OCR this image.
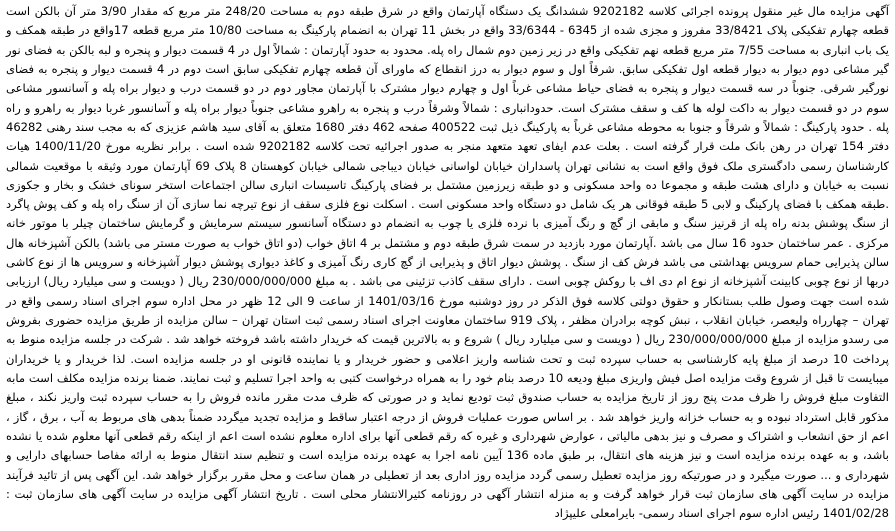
آگهی مزایده مال غیر منقول پرونده اجرائی کلاسه 9202182 ششدانگ یک دستگاه آپارتمان واقع در شرق طبقه دوم به مساحت 248/20 متر مربع که مقدار 3/90 متر آن بالکن است قطعه چهارم تفکیکی پلاک 33/8421 مفروز و مجزی شده از 6345 - 33/6344 واقع در بخش 11 تهران به انضمام پارکینگ به مساحت 10/80 متر مربع قطعه 17واقع در طبقه همکف و یک باب انباری به مساحت 7/55 متر مربع قطعه نهم تفکیکی واقع در زیر زمین دوم شمال راه پله. محدود به حدود آپارتمان : شمالاً اول در 4 قسمت دیوار و پنجره و لبه بالکن به فضای نور گیر مشاعی دوم دیوار به دیوار قطعه اول تفکیکی سابق. شرقاً اول و سوم دیوار به درز انقطاع که ماورای آن قطعه چهارم تفکیکی سابق است دوم در 4 قسمت دیوار و پنجره به فضای نورگیر شرقی. جنوباً در سه قسمت دیوار و پنجره به فضای حیاط مشاعی غرباً اول و چهارم دیوار مشترک با آپارتمان مجاور دوم در دو قسمت درب و دیوار براه پله و آسانسور مشاعی سوم در دو قسمت دیوار به داکت لوله ها کف و سقف مشترک است. حدودانباری : شمالاً وشرقاً درب و پنجره به راهرو مشاعی جنوباً دیوار براه پله و آسانسور غربا دیوار به راهرو و راه پله . حدود پارکینگ : شمالاً و شرقاً و جنوبا به محوطه مشاعی غرباً به پارکینگ ذیل ثبت 400522 صفحه 462 دفتر 1680 متعلق به آقای سید هاشم عزیزی که به مجب سند رهنی 46282 دفتر 154 تهران در رهن بانک ملت قرار گرفته است . بعلت عدم ایفای تعهد متعهد منجر به صدور اجرائیه تحت کلاسه 9202182 شده است . برابر نظریه مورخ 1400/11/20 هیات کارشناسان رسمی دادگستری ملک فوق واقع است به نشانی تهران پاسداران خیابان لواسانی خیابان دیباجی شمالی خیابان کوهستان 8 پلاک 69 آپارتمان مورد وثیقه با موقعیت شمالی نسبت به خیابان و دارای هشت طبقه و مجموعا ده واحد مسکونی و دو طبقه زیرزمین مشتمل بر فضای پارکینگ تاسیسات انباری سالن اجتماعات استخر سونای خشک و بخار و جکوزی .طبقه همکف با فضای پارکینگ و لابی 5 طبقه فوقانی هر یک شامل دو دستگاه واحد مسکونی است . اسکلت نوع فلزی سقف از نوع تیرچه نما سازی آن از سنگ راه پله و کف پوش پاگرد از سنگ پوشش بدنه راه پله از قرنیز سنگ و مابقی از گچ و رنگ آمیزی با نرده فلزی یا چوب به انضمام دو دستگاه آسانسور سیستم سرمایش و گرمایش ساختمان چیلر با موتور خانه مرکزی . عمر ساختمان حدود 16 سال می باشد .آپارتمان مورد بازدید در سمت شرق طبقه دوم و مشتمل بر 4 اتاق خواب (دو اتاق خواب به صورت مستر می باشد) بالکن آشپزخانه هال سالن پذیرایی حمام سرویس بهداشتی می باشد فرش کف از سنگ . پوشش دیوار اتاق و پذیرایی از گچ کاری رنگ آمیزی و کاغذ دیواری پوشش دیوار آشپزخانه و سرویس ها از نوع کاشی دربها از نوع چوبی کابینت آشپزخانه از نوع ام دی اف با روکش چوبی است . دارای سقف کاذب تزئینی می باشد . به مبلغ 230/000/000/000 ریال ( دویست و سی میلیارد ریال) ارزیابی شده است جهت وصول طلب بستانکار و حقوق دولتی کلاسه فوق الذکر در روز دوشنبه مورخ 1401/03/16 از ساعت 9 الی 12 ظهر در محل اداره سوم اجرای اسناد رسمی واقع در تهران – چهارراه ولیعصر، خیابان انقلاب ، نبش کوچه برادران مظفر ، پلاک 919 ساختمان معاونت اجرای اسناد رسمی ثبت استان تهران – سالن مزایده از طریق مزایده حضوری بفروش می رسدو مزایده از مبلغ 230/000/000/000 ریال ( دویست و سی میلیارد ریال ) شروع و به بالاترین قیمت که خریدار داشته باشد فروخته خواهد شد . شرکت در جلسه مزایده منوط به پرداخت 10 درصد از مبلغ پایه کارشناسی به حساب سپرده ثبت و تحت شناسه واریز اعلامی و حضور خریدار و یا نماینده قانونی او در جلسه مزایده است. لذا خریدار و یا خریداران میبایست تا قبل از شروع وقت مزایده اصل فیش واریزی مبلغ ودیعه 10 درصد بنام خود را به همراه درخواست کتبی به واحد اجرا تسلیم و ثبت نمایند. ضمنا برنده مزایده مکلف است مابه التفاوت مبلغ فروش را ظرف مدت پنج روز از تاریخ مزایده به حساب صندوق ثبت تودیع نماید و در صورتی که ظرف مدت مقرر مانده فروش را به حساب سپرده ثبت واریز نکند ، مبلغ مذکور قابل استرداد نبوده و به حساب خزانه واریز خواهد شد . بر اساس صورت عملیات فروش از درجه اعتبار ساقط و مزایده تجدید میگردد ضمناً بدهی های مربوط به آب ، برق ، گاز ، اعم از حق انشعاب و اشتراک و مصرف و نیز بدهی مالیاتی ، عوارض شهرداری و غیره که رقم قطعی آنها برای اداره معلوم نشده است اعم از اینکه رقم قطعی آنها معلوم شده یا نشده باشد، و به عهده برنده مزایده است و نیز هزینه های انتقال، بر طبق ماده 136 آیین نامه اجرا به عهده برنده مزایده است و تنظیم سند انتقال منوط به ارائه مفاصا حسابهای دارایی و شهرداری و ... صورت میگیرد و در صورتیکه روز مزایده تعطیل رسمی گردد مزایده روز اداری بعد از تعطیلی در همان ساعت و محل مقرر برگزار خواهد شد. این آگهی پس از تائید فرآیند مزایده در سایت آگهی های سازمان ثبت قرار خواهد گرفت و به منزله انتشار آگهی در روزنامه کثیرالانتشار محلی است . تاریخ انتشار آگهی مزایده در سایت آگهی های سازمان ثبت : 1401/02/28 رئیس اداره سوم اجرای اسناد رسمی- بایرامعلی علیپژاد
